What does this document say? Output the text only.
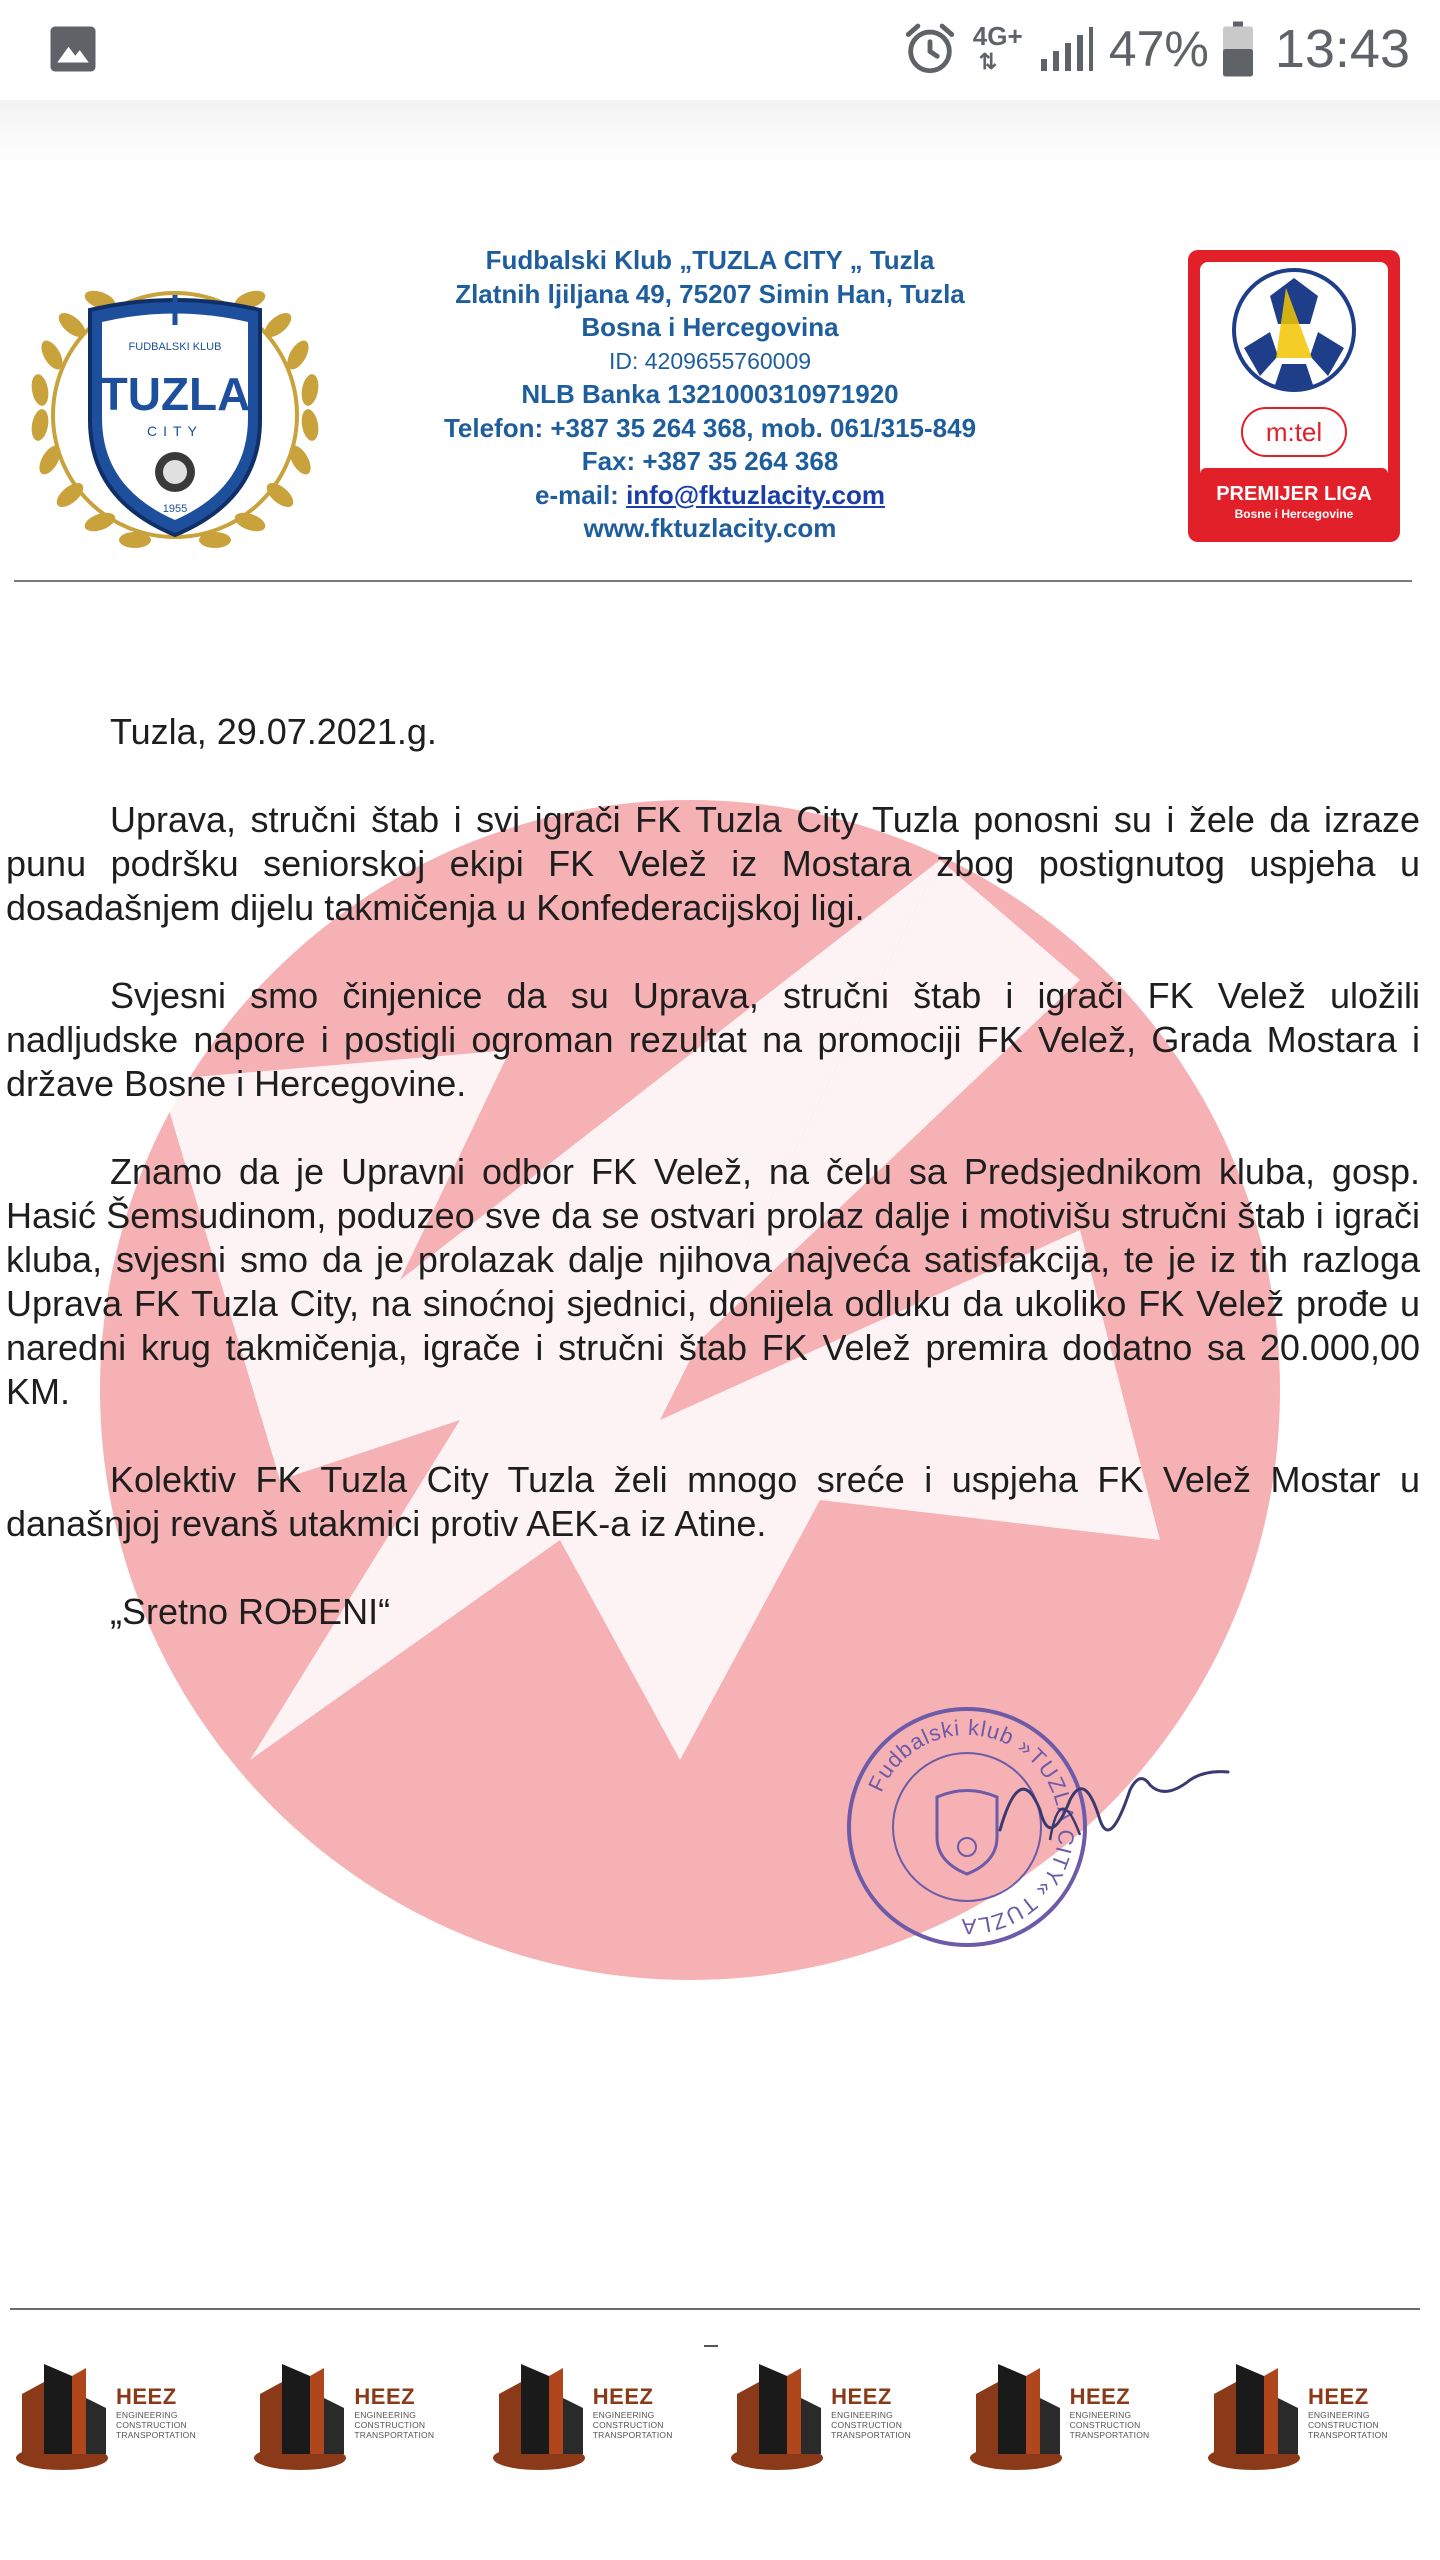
4G+
⇅ 47% 13:43
FUDBALSKI KLUB
TUZLA
CITY
1955
Fudbalski Klub „TUZLA CITY „ Tuzla
Zlatnih ljiljana 49, 75207 Simin Han, Tuzla
Bosna i Hercegovina
ID: 4209655760009
NLB Banka 1321000310971920
Telefon: +387 35 264 368, mob. 061/315-849
Fax: +387 35 264 368
e-mail: info@fktuzlacity.com
www.fktuzlacity.com
m:tel
PREMIJER LIGA
Bosne i Hercegovine

Tuzla, 29.07.2021.g.

Uprava, stručni štab i svi igrači FK Tuzla City Tuzla ponosni su i žele da izraze punu podršku seniorskoj ekipi FK Velež iz Mostara zbog postignutog uspjeha u dosadašnjem dijelu takmičenja u Konfederacijskoj ligi.

Svjesni smo činjenice da su Uprava, stručni štab i igrači FK Velež uložili nadljudske napore i postigli ogroman rezultat na promociji FK Velež, Grada Mostara i države Bosne i Hercegovine.

Znamo da je Upravni odbor FK Velež, na čelu sa Predsjednikom kluba, gosp. Hasić Šemsudinom, poduzeo sve da se ostvari prolaz dalje i motivišu stručni štab i igrači kluba, svjesni smo da je prolazak dalje njihova najveća satisfakcija, te je iz tih razloga Uprava FK Tuzla City, na sinoćnoj sjednici, donijela odluku da ukoliko FK Velež prođe u naredni krug takmičenja, igrače i stručni štab FK Velež premira dodatno sa 20.000,00 KM.

Kolektiv FK Tuzla City Tuzla želi mnogo sreće i uspjeha FK Velež Mostar u današnjoj revanš utakmici protiv AEK-a iz Atine.

„Sretno ROĐENI“

Fudbalski klub »TUZLA CITY« TUZLA
HEEZ
ENGINEERING
CONSTRUCTION
TRANSPORTATION
HEEZ
ENGINEERING
CONSTRUCTION
TRANSPORTATION
HEEZ
ENGINEERING
CONSTRUCTION
TRANSPORTATION
HEEZ
ENGINEERING
CONSTRUCTION
TRANSPORTATION
HEEZ
ENGINEERING
CONSTRUCTION
TRANSPORTATION
HEEZ
ENGINEERING
CONSTRUCTION
TRANSPORTATION
